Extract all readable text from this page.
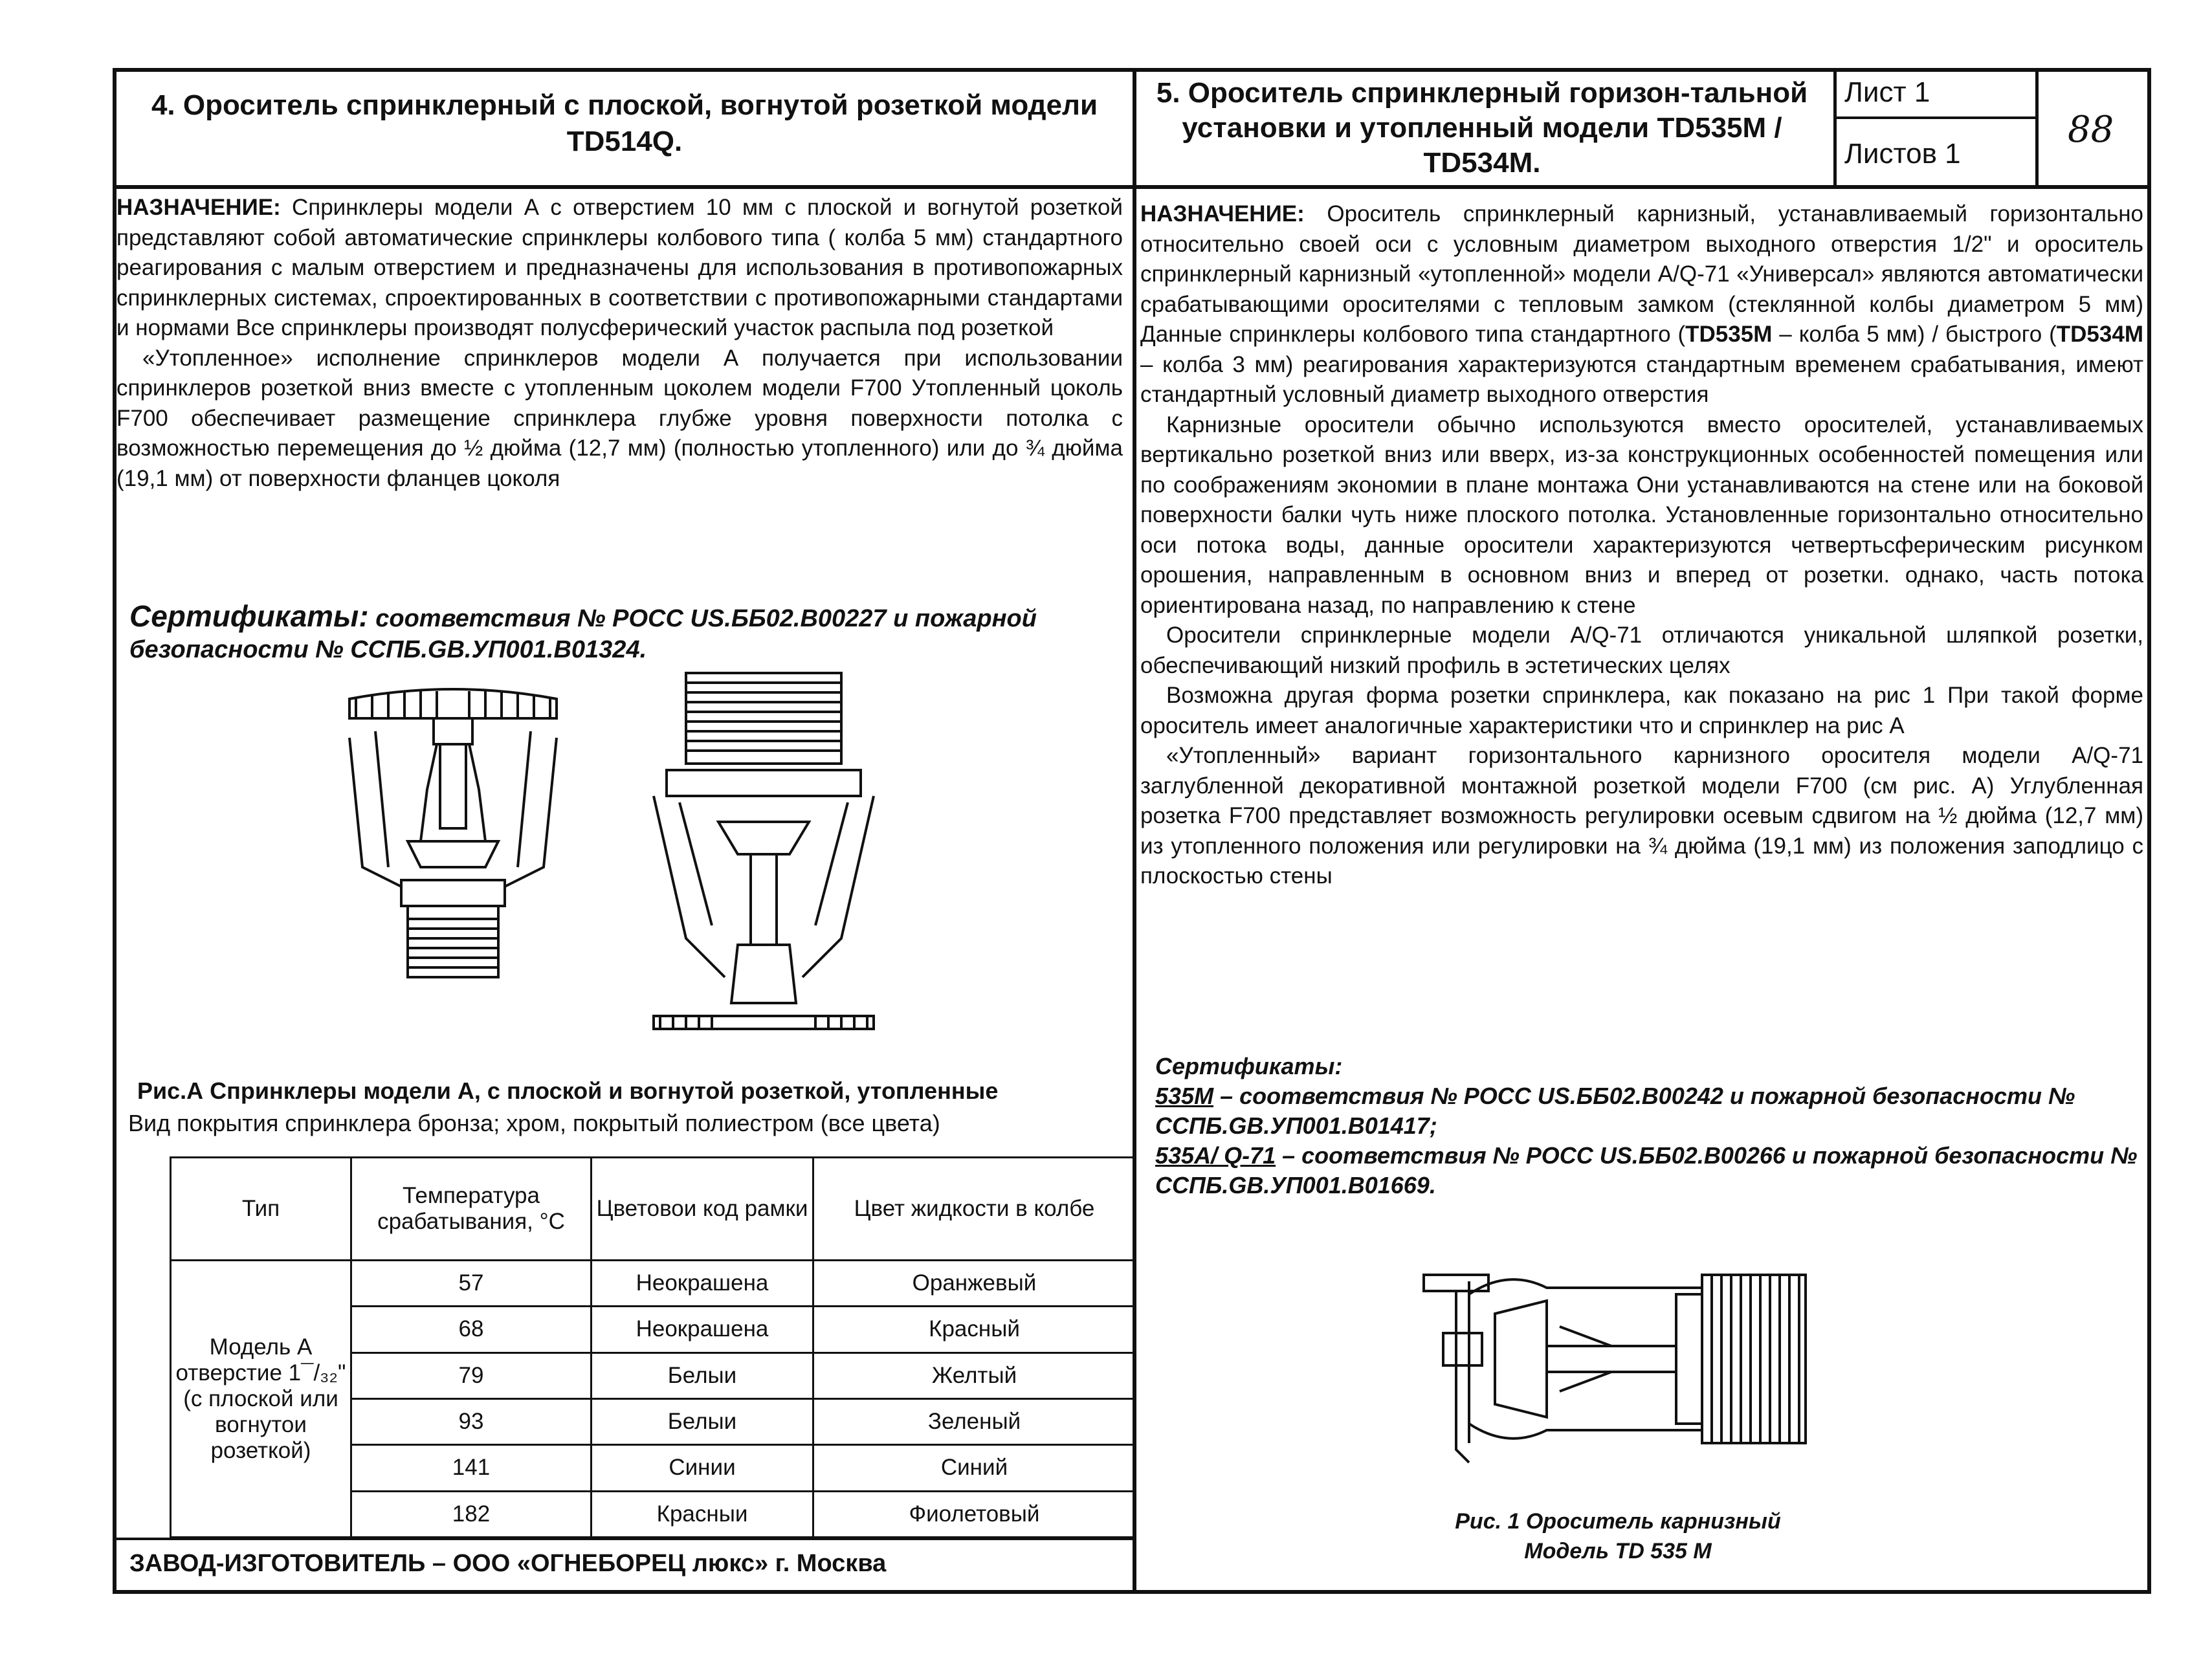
4. Ороситель спринклерный с плоской, вогнутой розеткой модели TD514Q.
5. Ороситель спринклерный горизон-тальной установки и утопленный модели TD535M / TD534M.
Лист 1
Листов 1
88

НАЗНАЧЕНИЕ: Спринклеры модели А с отверстием 10 мм с плоской и вогнутой розеткой представляют собой автоматические спринклеры колбового типа ( колба 5 мм) стандартного реагирования с малым отверстием и предназначены для использования в противопожарных спринклерных системах, спроектированных в соответствии с противопожарными стандартами и нормами Все спринклеры производят полусферический участок распыла под розеткой

«Утопленное» исполнение спринклеров модели А получается при использовании спринклеров розеткой вниз вместе с утопленным цоколем модели F700 Утопленный цоколь F700 обеспечивает размещение спринклера глубже уровня поверхности потолка с возможностью перемещения до ½ дюйма (12,7 мм) (полностью утопленного) или до ¾ дюйма (19,1 мм) от поверхности фланцев цоколя

Сертификаты: соответствия № РОСС US.ББ02.В00227 и пожарной безопасности № ССПБ.GB.УП001.В01324.
Рис.А Спринклеры модели А, с плоской и вогнутой розеткой, утопленные
Вид покрытия спринклера бронза; хром, покрытый полиестром (все цвета)
Тип	Температура срабатывания, °С	Цветовои код рамки	Цвет жидкости в колбе
Модель А отверстие 1¯/₃₂" (с плоской или вогнутои розеткой)	57	Неокрашена	Оранжевый
	68	Неокрашена	Красный
	79	Белыи	Желтый
	93	Белыи	Зеленый
	141	Синии	Синий
	182	Красныи	Фиолетовый
ЗАВОД-ИЗГОТОВИТЕЛЬ – ООО «ОГНЕБОРЕЦ люкс» г. Москва

НАЗНАЧЕНИЕ: Ороситель спринклерный карнизный, устанавливаемый горизонтально относительно своей оси с условным диаметром выходного отверстия 1/2" и ороситель спринклерный карнизный «утопленной» модели A/Q-71 «Универсал» являются автоматически срабатывающими оросителями с тепловым замком (стеклянной колбы диаметром 5 мм) Данные спринклеры колбового типа стандартного (TD535M – колба 5 мм) / быстрого (TD534M – колба 3 мм) реагирования характеризуются стандартным временем срабатывания, имеют стандартный условный диаметр выходного отверстия

Карнизные оросители обычно используются вместо оросителей, устанавливаемых вертикально розеткой вниз или вверх, из-за конструкционных особенностей помещения или по соображениям экономии в плане монтажа Они устанавливаются на стене или на боковой поверхности балки чуть ниже плоского потолка. Установленные горизонтально относительно оси потока воды, данные оросители характеризуются четвертьсферическим рисунком орошения, направленным в основном вниз и вперед от розетки. однако, часть потока ориентирована назад, по направлению к стене

Оросители спринклерные модели A/Q-71 отличаются уникальной шляпкой розетки, обеспечивающий низкий профиль в эстетических целях

Возможна другая форма розетки спринклера, как показано на рис 1 При такой форме ороситель имеет аналогичные характеристики что и спринклер на рис А

«Утопленный» вариант горизонтального карнизного оросителя модели A/Q-71 заглубленной декоративной монтажной розеткой модели F700 (см рис. А) Углубленная розетка F700 представляет возможность регулировки осевым сдвигом на ½ дюйма (12,7 мм) из утопленного положения или регулировки на ¾ дюйма (19,1 мм) из положения заподлицо с плоскостью стены

Сертификаты:
535M – соответствия № РОСС US.ББ02.В00242 и пожарной безопасности № ССПБ.GB.УП001.В01417;
535А/ Q-71 – соответствия № РОСС US.ББ02.В00266 и пожарной безопасности № ССПБ.GB.УП001.В01669.
Рис. 1 Ороситель карнизный
Модель TD 535 M
